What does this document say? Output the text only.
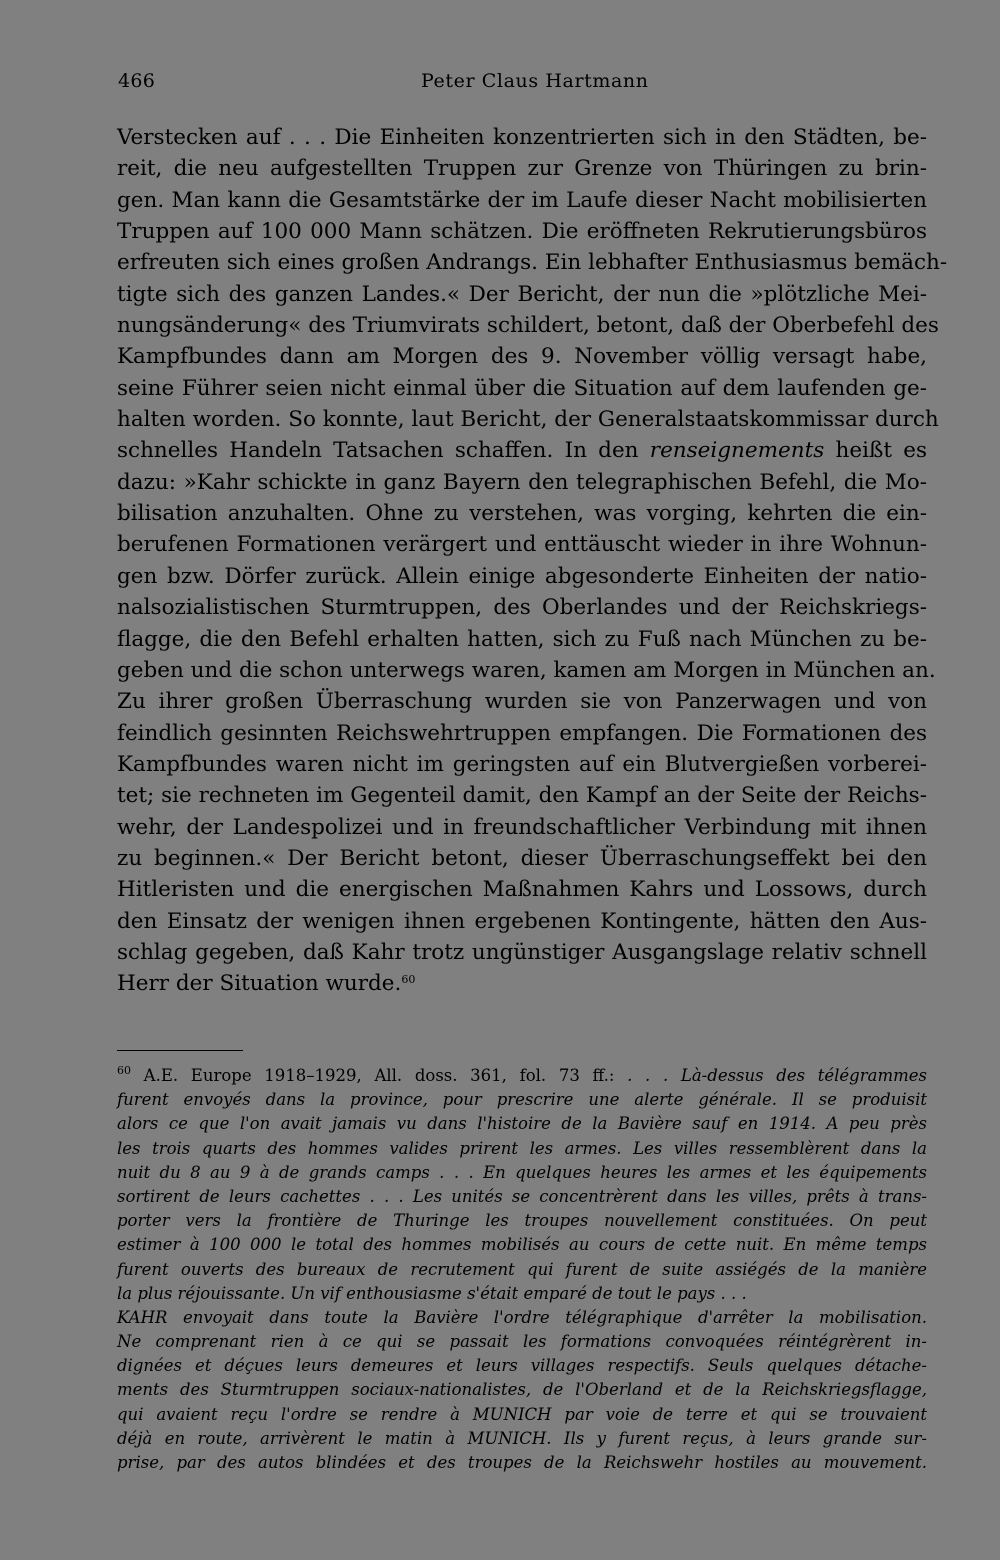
466	Peter Claus Hartmann
Verstecken auf . . . Die Einheiten konzentrierten sich in den Städten, be-
reit, die neu aufgestellten Truppen zur Grenze von Thüringen zu brin-
gen. Man kann die Gesamtstärke der im Laufe dieser Nacht mobilisierten
Truppen auf 100 000 Mann schätzen. Die eröffneten Rekrutierungsbüros
erfreuten sich eines großen Andrangs. Ein lebhafter Enthusiasmus bemäch-
tigte sich des ganzen Landes.« Der Bericht, der nun die »plötzliche Mei-
nungsänderung« des Triumvirats schildert, betont, daß der Oberbefehl des
Kampfbundes dann am Morgen des 9. November völlig versagt habe,
seine Führer seien nicht einmal über die Situation auf dem laufenden ge-
halten worden. So konnte, laut Bericht, der Generalstaatskommissar durch
schnelles Handeln Tatsachen schaffen. In den renseignements heißt es
dazu: »Kahr schickte in ganz Bayern den telegraphischen Befehl, die Mo-
bilisation anzuhalten. Ohne zu verstehen, was vorging, kehrten die ein-
berufenen Formationen verärgert und enttäuscht wieder in ihre Wohnun-
gen bzw. Dörfer zurück. Allein einige abgesonderte Einheiten der natio-
nalsozialistischen Sturmtruppen, des Oberlandes und der Reichskriegs-
flagge, die den Befehl erhalten hatten, sich zu Fuß nach München zu be-
geben und die schon unterwegs waren, kamen am Morgen in München an.
Zu ihrer großen Überraschung wurden sie von Panzerwagen und von
feindlich gesinnten Reichswehrtruppen empfangen. Die Formationen des
Kampfbundes waren nicht im geringsten auf ein Blutvergießen vorberei-
tet; sie rechneten im Gegenteil damit, den Kampf an der Seite der Reichs-
wehr, der Landespolizei und in freundschaftlicher Verbindung mit ihnen
zu beginnen.« Der Bericht betont, dieser Überraschungseffekt bei den
Hitleristen und die energischen Maßnahmen Kahrs und Lossows, durch
den Einsatz der wenigen ihnen ergebenen Kontingente, hätten den Aus-
schlag gegeben, daß Kahr trotz ungünstiger Ausgangslage relativ schnell
Herr der Situation wurde.$^{60}$
$^{60}$ A.E. Europe 1918–1929, All. doss. 361, fol. 73 ff.: . . . Là-dessus des télégrammes
furent envoyés dans la province, pour prescrire une alerte générale. Il se produisit
alors ce que l'on avait jamais vu dans l'histoire de la Bavière sauf en 1914. A peu près
les trois quarts des hommes valides prirent les armes. Les villes ressemblèrent dans la
nuit du 8 au 9 à de grands camps . . . En quelques heures les armes et les équipements
sortirent de leurs cachettes . . . Les unités se concentrèrent dans les villes, prêts à trans-
porter vers la frontière de Thuringe les troupes nouvellement constituées. On peut
estimer à 100 000 le total des hommes mobilisés au cours de cette nuit. En même temps
furent ouverts des bureaux de recrutement qui furent de suite assiégés de la manière
la plus réjouissante. Un vif enthousiasme s'était emparé de tout le pays . . .
KAHR envoyait dans toute la Bavière l'ordre télégraphique d'arrêter la mobilisation.
Ne comprenant rien à ce qui se passait les formations convoquées réintégrèrent in-
dignées et déçues leurs demeures et leurs villages respectifs. Seuls quelques détache-
ments des Sturmtruppen sociaux-nationalistes, de l'Oberland et de la Reichskriegsflagge,
qui avaient reçu l'ordre se rendre à MUNICH par voie de terre et qui se trouvaient
déjà en route, arrivèrent le matin à MUNICH. Ils y furent reçus, à leurs grande sur-
prise, par des autos blindées et des troupes de la Reichswehr hostiles au mouvement.
